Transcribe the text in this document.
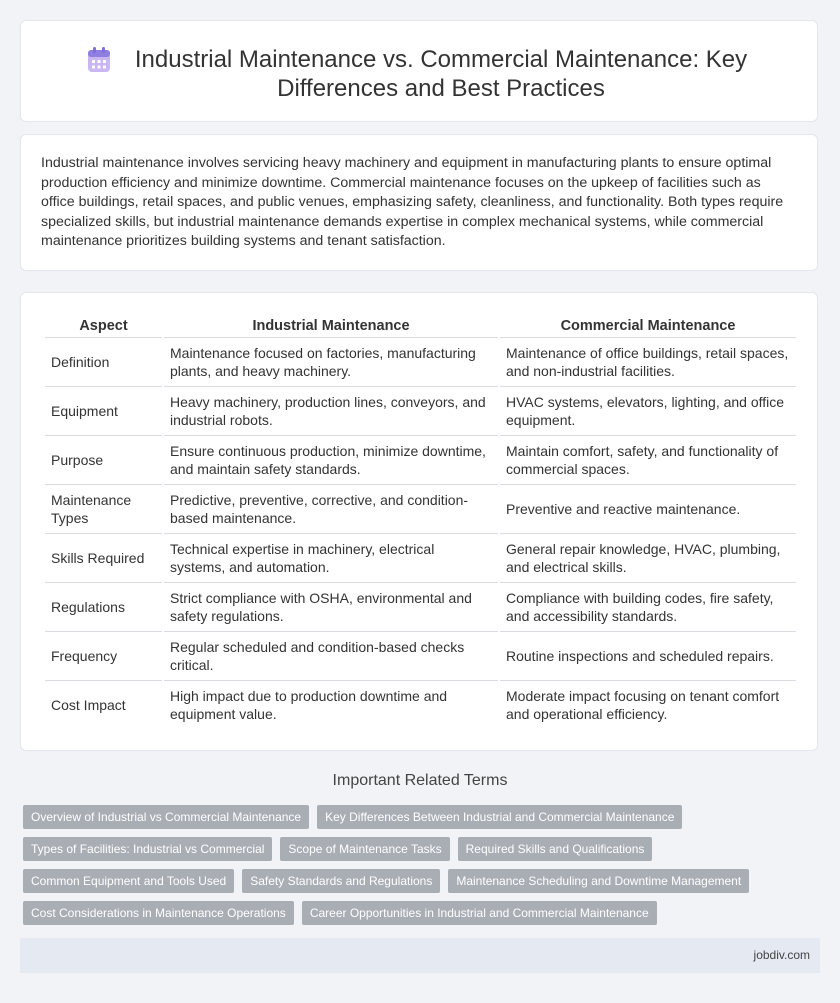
Industrial Maintenance vs. Commercial Maintenance: Key Differences and Best Practices

Industrial maintenance involves servicing heavy machinery and equipment in manufacturing plants to ensure optimal production efficiency and minimize downtime. Commercial maintenance focuses on the upkeep of facilities such as office buildings, retail spaces, and public venues, emphasizing safety, cleanliness, and functionality. Both types require specialized skills, but industrial maintenance demands expertise in complex mechanical systems, while commercial maintenance prioritizes building systems and tenant satisfaction.

Aspect	Industrial Maintenance	Commercial Maintenance
Definition	Maintenance focused on factories, manufacturing plants, and heavy machinery.	Maintenance of office buildings, retail spaces, and non-industrial facilities.
Equipment	Heavy machinery, production lines, conveyors, and industrial robots.	HVAC systems, elevators, lighting, and office equipment.
Purpose	Ensure continuous production, minimize downtime, and maintain safety standards.	Maintain comfort, safety, and functionality of commercial spaces.
Maintenance Types	Predictive, preventive, corrective, and condition-based maintenance.	Preventive and reactive maintenance.
Skills Required	Technical expertise in machinery, electrical systems, and automation.	General repair knowledge, HVAC, plumbing, and electrical skills.
Regulations	Strict compliance with OSHA, environmental and safety regulations.	Compliance with building codes, fire safety, and accessibility standards.
Frequency	Regular scheduled and condition-based checks critical.	Routine inspections and scheduled repairs.
Cost Impact	High impact due to production downtime and equipment value.	Moderate impact focusing on tenant comfort and operational efficiency.
Important Related Terms
Overview of Industrial vs Commercial Maintenance	Key Differences Between Industrial and Commercial Maintenance
Types of Facilities: Industrial vs Commercial	Scope of Maintenance Tasks	Required Skills and Qualifications
Common Equipment and Tools Used	Safety Standards and Regulations	Maintenance Scheduling and Downtime Management
Cost Considerations in Maintenance Operations	Career Opportunities in Industrial and Commercial Maintenance
jobdiv.com
